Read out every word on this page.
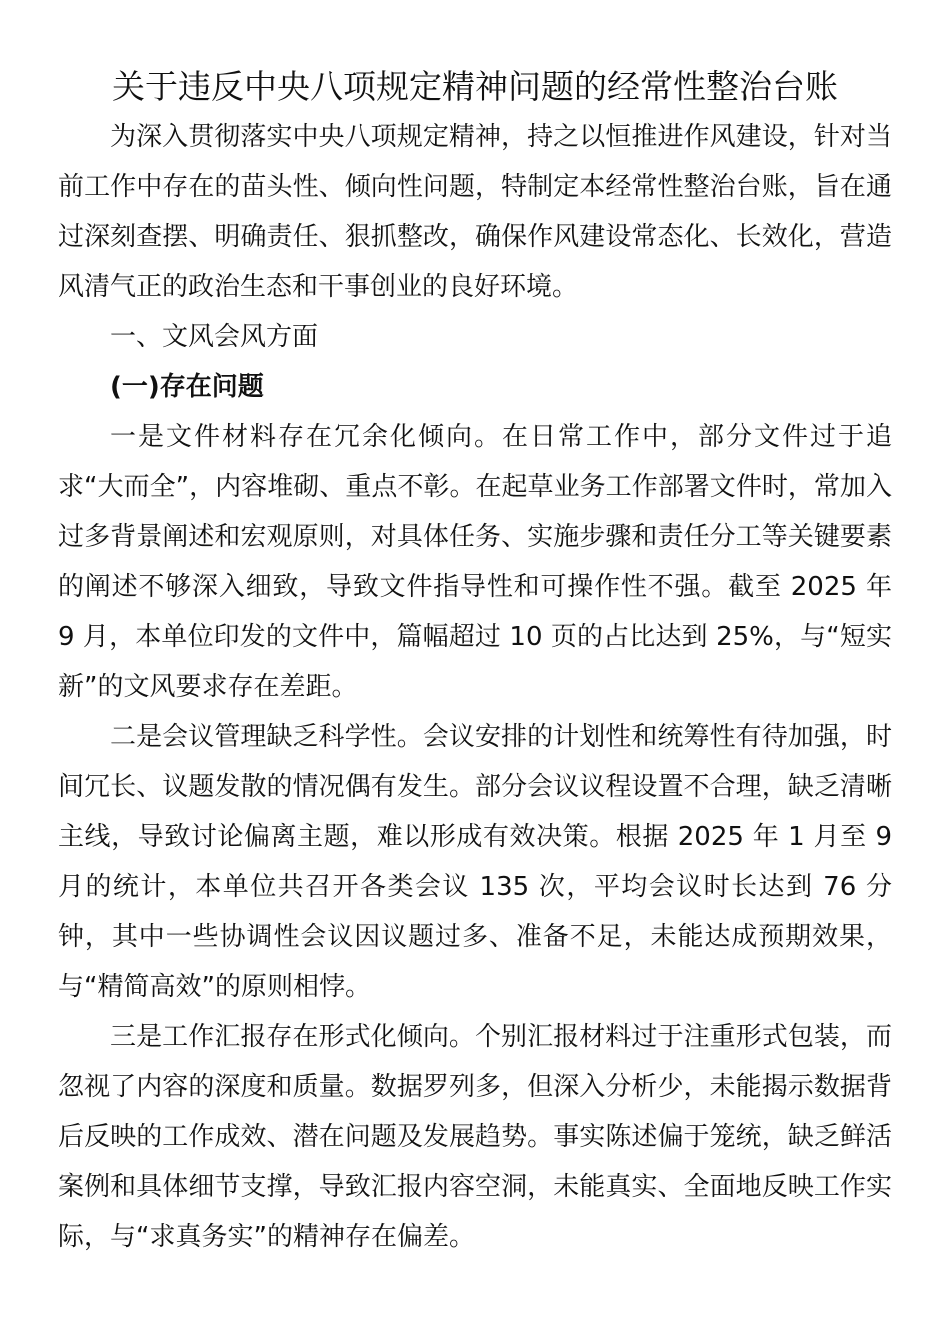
关于违反中央八项规定精神问题的经常性整治台账

为深入贯彻落实中央八项规定精神，持之以恒推进作风建设，针对当前工作中存在的苗头性、倾向性问题，特制定本经常性整治台账，旨在通过深刻查摆、明确责任、狠抓整改，确保作风建设常态化、长效化，营造风清气正的政治生态和干事创业的良好环境。

一、文风会风方面

(一)存在问题

一是文件材料存在冗余化倾向。在日常工作中，部分文件过于追求“大而全”，内容堆砌、重点不彰。在起草业务工作部署文件时，常加入过多背景阐述和宏观原则，对具体任务、实施步骤和责任分工等关键要素的阐述不够深入细致，导致文件指导性和可操作性不强。截至 2025 年 9 月，本单位印发的文件中，篇幅超过 10 页的占比达到 25%，与“短实新”的文风要求存在差距。

二是会议管理缺乏科学性。会议安排的计划性和统筹性有待加强，时间冗长、议题发散的情况偶有发生。部分会议议程设置不合理，缺乏清晰主线，导致讨论偏离主题，难以形成有效决策。根据 2025 年 1 月至 9 月的统计，本单位共召开各类会议 135 次，平均会议时长达到 76 分钟，其中一些协调性会议因议题过多、准备不足，未能达成预期效果，与“精简高效”的原则相悖。

三是工作汇报存在形式化倾向。个别汇报材料过于注重形式包装，而忽视了内容的深度和质量。数据罗列多，但深入分析少，未能揭示数据背后反映的工作成效、潜在问题及发展趋势。事实陈述偏于笼统，缺乏鲜活案例和具体细节支撑，导致汇报内容空洞，未能真实、全面地反映工作实际，与“求真务实”的精神存在偏差。
